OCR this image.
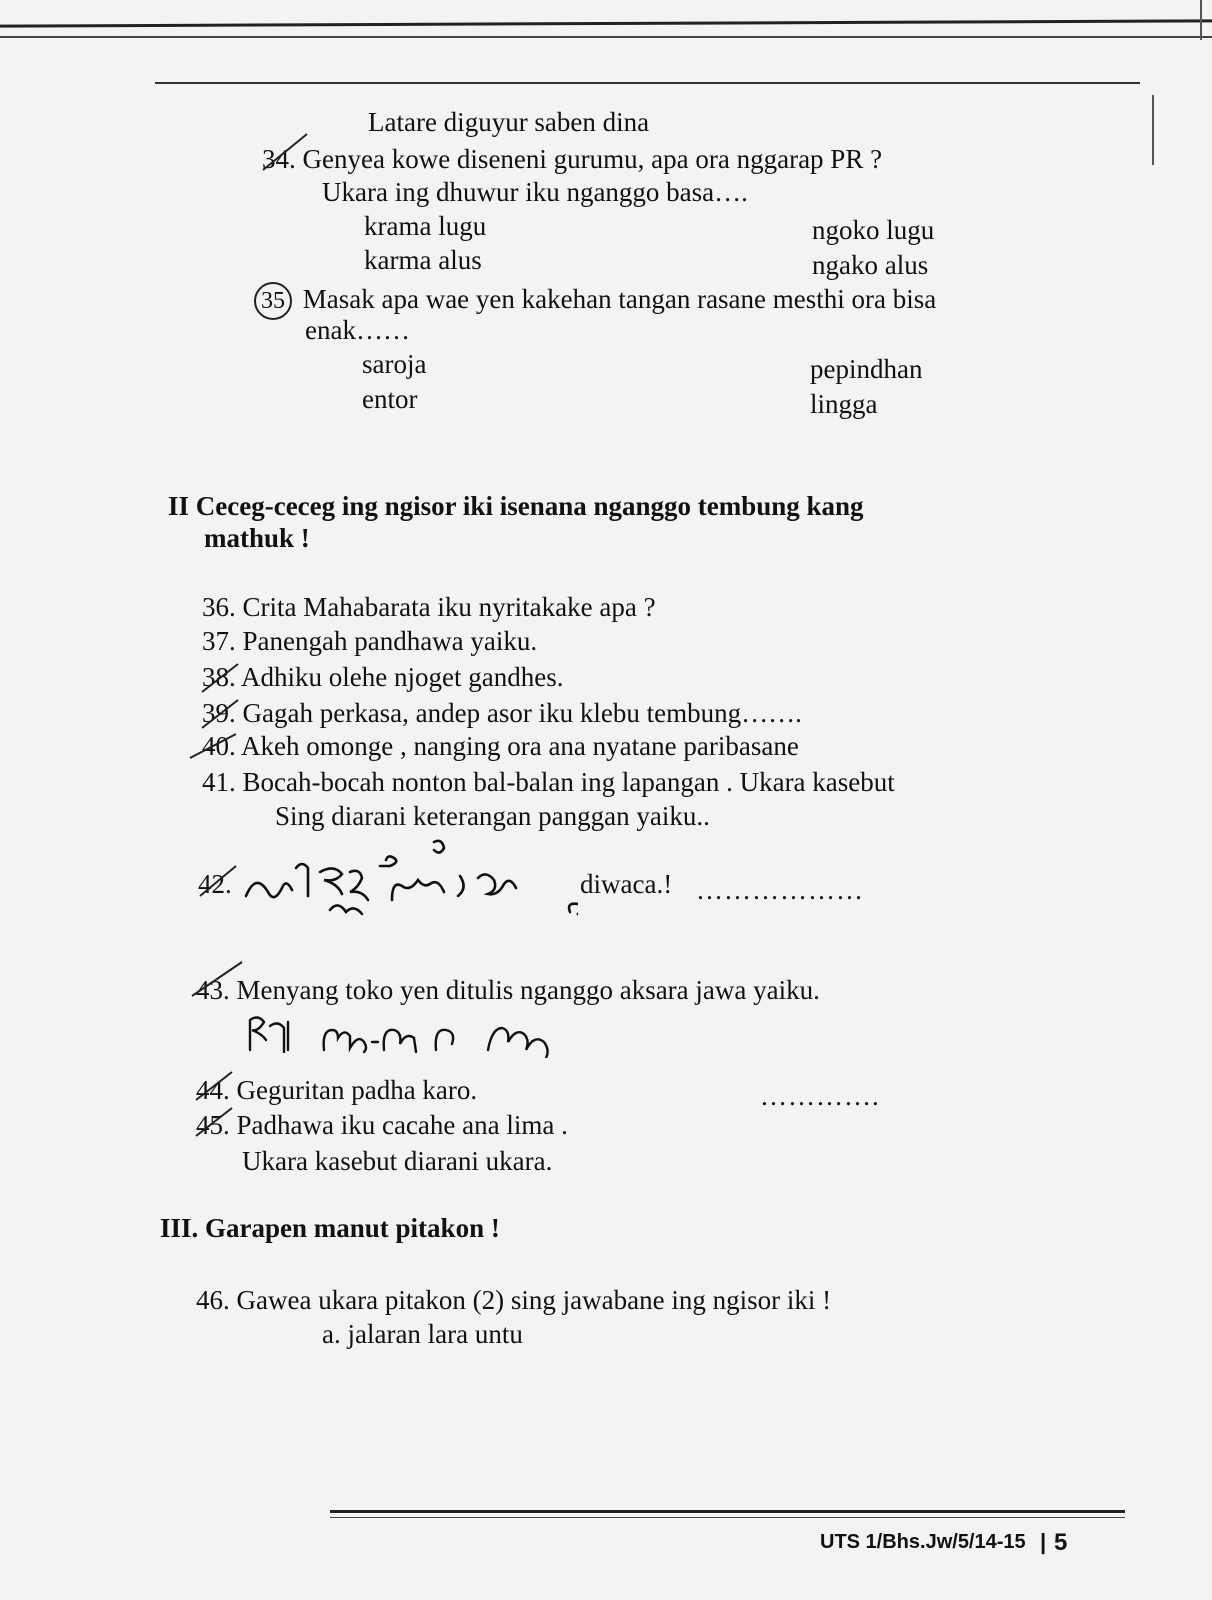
Latare diguyur saben dina
34. Genyea kowe diseneni gurumu, apa ora nggarap PR ?
Ukara ing dhuwur iku nganggo basa….
krama lugu
karma alus
ngoko lugu
ngako alus
35 Masak apa wae yen kakehan tangan rasane mesthi ora bisa
enak……
saroja
entor
pepindhan
lingga
II Ceceg-ceceg ing ngisor iki isenana nganggo tembung kang
mathuk !
36. Crita Mahabarata iku nyritakake apa ?
37. Panengah pandhawa yaiku.
38. Adhiku olehe njoget gandhes.
39. Gagah perkasa, andep asor iku klebu tembung…….
40. Akeh omonge , nanging ora ana nyatane paribasane
41. Bocah-bocah nonton bal-balan ing lapangan . Ukara kasebut
Sing diarani keterangan panggan yaiku..
42.	diwaca.! ………………
43. Menyang toko yen ditulis nganggo aksara jawa yaiku.
44. Geguritan padha karo.	………….
45. Padhawa iku cacahe ana lima .
Ukara kasebut diarani ukara.
III. Garapen manut pitakon !
46. Gawea ukara pitakon (2) sing jawabane ing ngisor iki !
a. jalaran lara untu
UTS 1/Bhs.Jw/5/14-15 | 5
